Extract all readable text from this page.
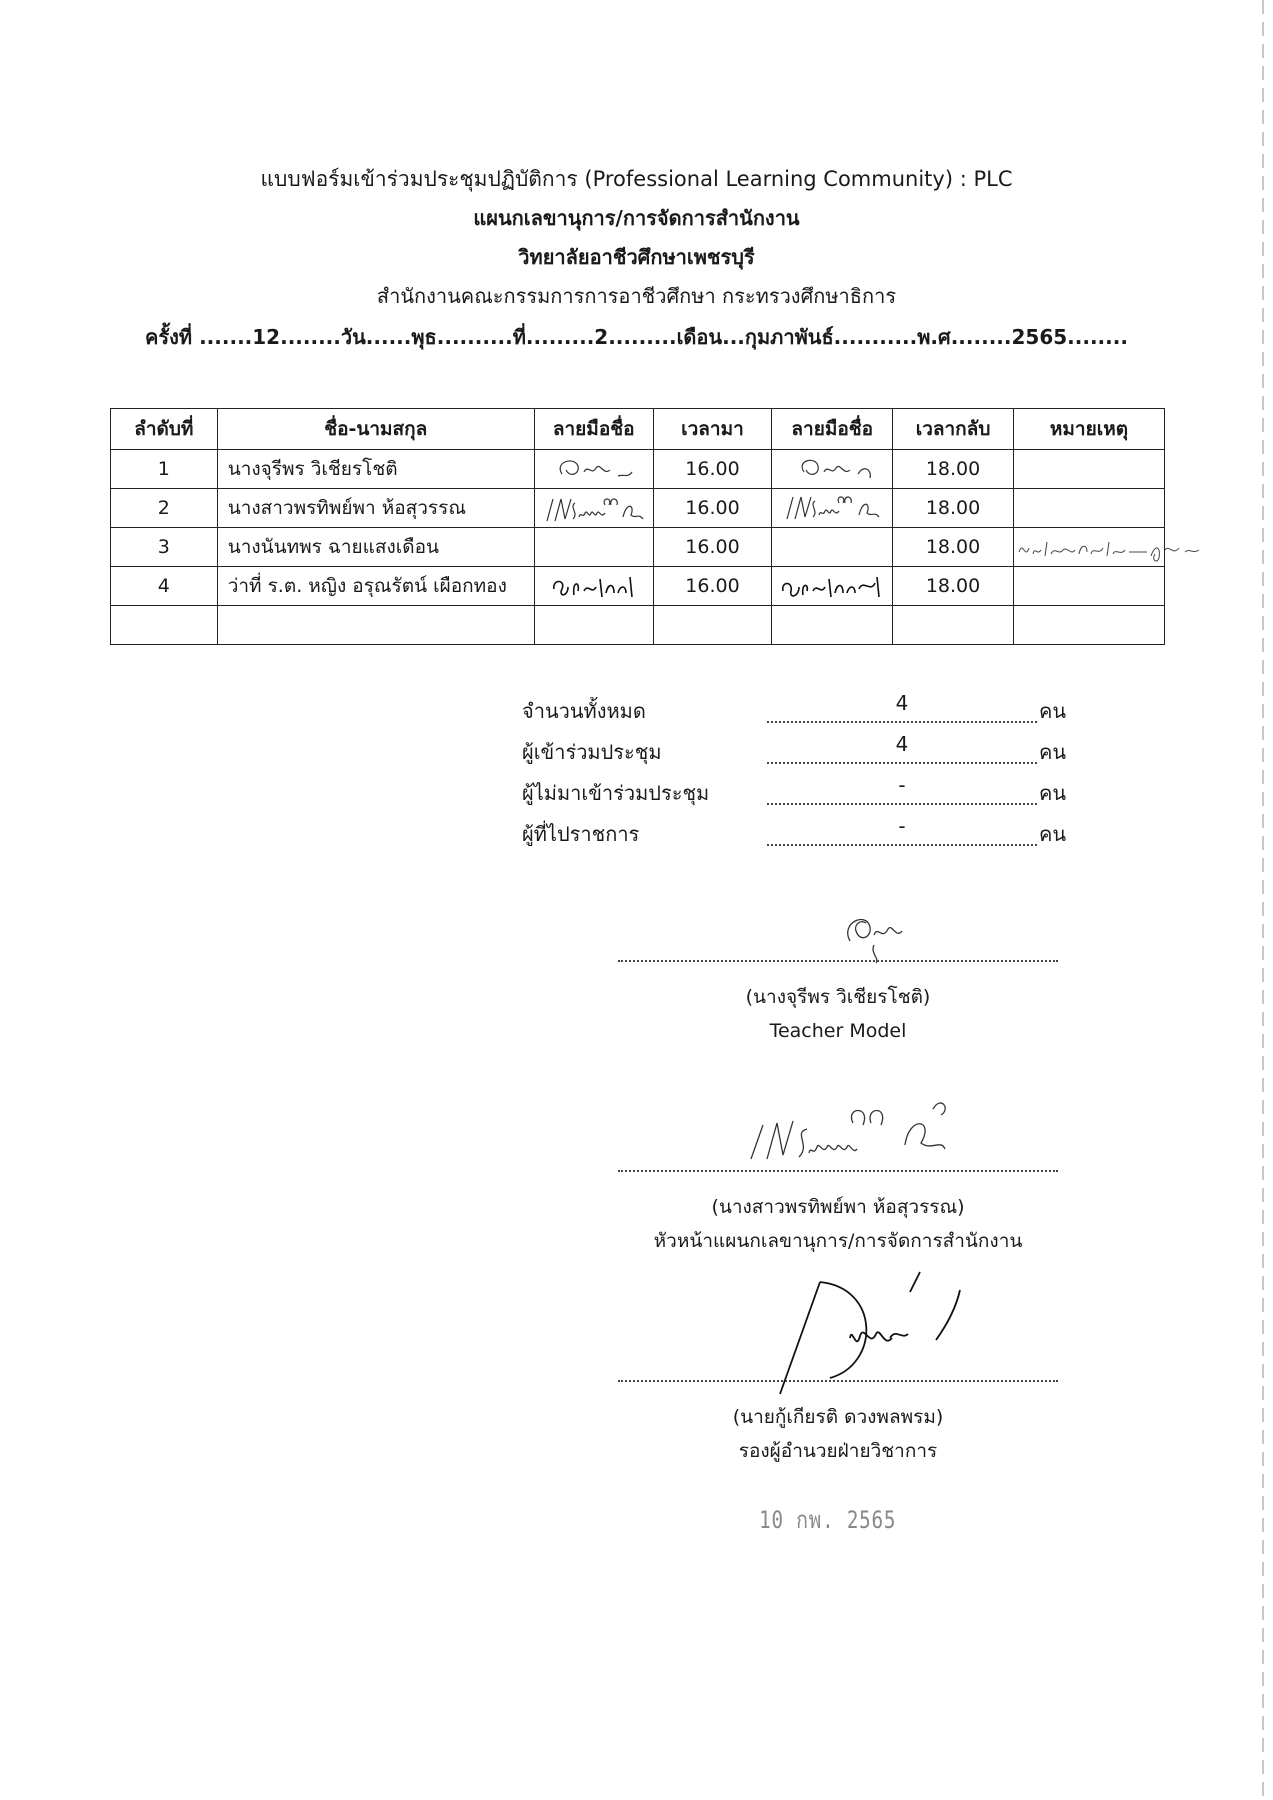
แบบฟอร์มเข้าร่วมประชุมปฏิบัติการ (Professional Learning Community) : PLC
แผนกเลขานุการ/การจัดการสำนักงาน
วิทยาลัยอาชีวศึกษาเพชรบุรี
สำนักงานคณะกรรมการการอาชีวศึกษา กระทรวงศึกษาธิการ
ครั้งที่ .......12........วัน......พุธ..........ที่.........2.........เดือน...กุมภาพันธ์...........พ.ศ........2565........
ลำดับที่	ชื่อ-นามสกุล	ลายมือชื่อ	เวลามา	ลายมือชื่อ	เวลากลับ	หมายเหตุ
1	นางจุรีพร วิเชียรโชติ		16.00		18.00	
2	นางสาวพรทิพย์พา ห้อสุวรรณ		16.00		18.00	
3	นางนันทพร ฉายแสงเดือน		16.00		18.00	
4	ว่าที่ ร.ต. หญิง อรุณรัตน์ เผือกทอง		16.00		18.00	

จำนวนทั้งหมด	4	คน
ผู้เข้าร่วมประชุม	4	คน
ผู้ไม่มาเข้าร่วมประชุม	-	คน
ผู้ที่ไปราชการ	-	คน
(นางจุรีพร วิเชียรโชติ)
Teacher Model
(นางสาวพรทิพย์พา ห้อสุวรรณ)
หัวหน้าแผนกเลขานุการ/การจัดการสำนักงาน
(นายกู้เกียรติ ดวงพลพรม)
รองผู้อำนวยฝ่ายวิชาการ
10 กพ. 2565
